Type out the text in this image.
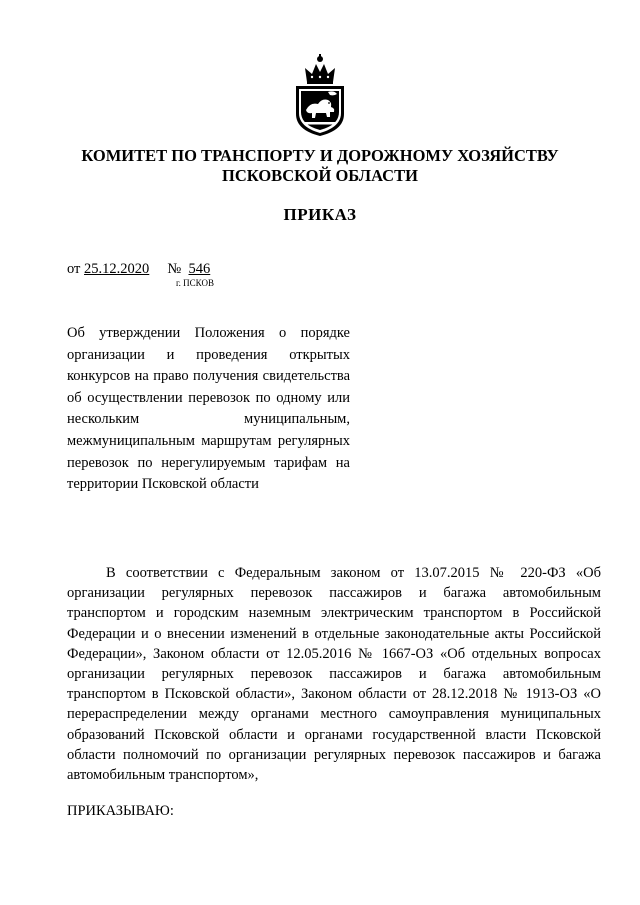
КОМИТЕТ ПО ТРАНСПОРТУ И ДОРОЖНОМУ ХОЗЯЙСТВУ
ПСКОВСКОЙ ОБЛАСТИ
ПРИКАЗ
от 25.12.2020 № 546
г. ПСКОВ
Об утверждении Положения о порядке организации и проведения открытых конкурсов на право получения свидетельства об осуществлении перевозок по одному или нескольким муниципальным, межмуниципальным маршрутам регулярных перевозок по нерегулируемым тарифам на территории Псковской области

В соответствии с Федеральным законом от 13.07.2015 № 220-ФЗ «Об организации регулярных перевозок пассажиров и багажа автомобильным транспортом и городским наземным электрическим транспортом в Российской Федерации и о внесении изменений в отдельные законодательные акты Российской Федерации», Законом области от 12.05.2016 № 1667-ОЗ «Об отдельных вопросах организации регулярных перевозок пассажиров и багажа автомобильным транспортом в Псковской области», Законом области от 28.12.2018 № 1913-ОЗ «О перераспределении между органами местного самоуправления муниципальных образований Псковской области и органами государственной власти Псковской области полномочий по организации регулярных перевозок пассажиров и багажа автомобильным транспортом»,

ПРИКАЗЫВАЮ:
